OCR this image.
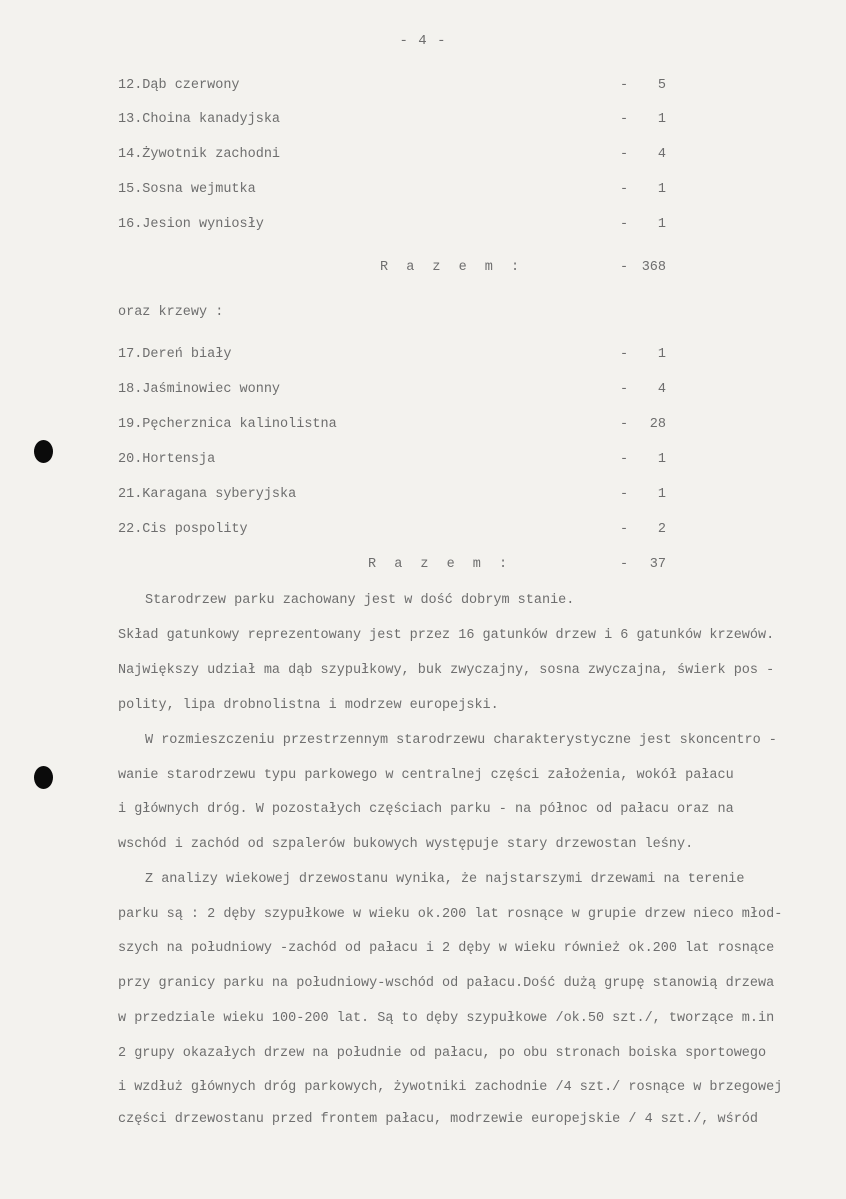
- 4 -
12.Dąb czerwony	- 5
13.Choina kanadyjska	- 1
14.Żywotnik zachodni	- 4
15.Sosna wejmutka	- 1
16.Jesion wyniosły	- 1
R a z e m :	- 368
oraz krzewy :
17.Dereń biały	- 1
18.Jaśminowiec wonny	- 4
19.Pęcherznica kalinolistna	- 28
20.Hortensja	- 1
21.Karagana syberyjska	- 1
22.Cis pospolity	- 2
R a z e m :	- 37
Starodrzew parku zachowany jest w dość dobrym stanie.
Skład gatunkowy reprezentowany jest przez 16 gatunków drzew i 6 gatunków krzewów.
Największy udział ma dąb szypułkowy, buk zwyczajny, sosna zwyczajna, świerk pos -
polity, lipa drobnolistna i modrzew europejski.
W rozmieszczeniu przestrzennym starodrzewu charakterystyczne jest skoncentro -
wanie starodrzewu typu parkowego w centralnej części założenia, wokół pałacu
i głównych dróg. W pozostałych częściach parku - na północ od pałacu oraz na
wschód i zachód od szpalerów bukowych występuje stary drzewostan leśny.
Z analizy wiekowej drzewostanu wynika, że najstarszymi drzewami na terenie
parku są : 2 dęby szypułkowe w wieku ok.200 lat rosnące w grupie drzew nieco młod-
szych na południowy -zachód od pałacu i 2 dęby w wieku również ok.200 lat rosnące
przy granicy parku na południowy-wschód od pałacu.Dość dużą grupę stanowią drzewa
w przedziale wieku 100-200 lat. Są to dęby szypułkowe /ok.50 szt./, tworzące m.in
2 grupy okazałych drzew na południe od pałacu, po obu stronach boiska sportowego
i wzdłuż głównych dróg parkowych, żywotniki zachodnie /4 szt./ rosnące w brzegowej
części drzewostanu przed frontem pałacu, modrzewie europejskie / 4 szt./, wśród
